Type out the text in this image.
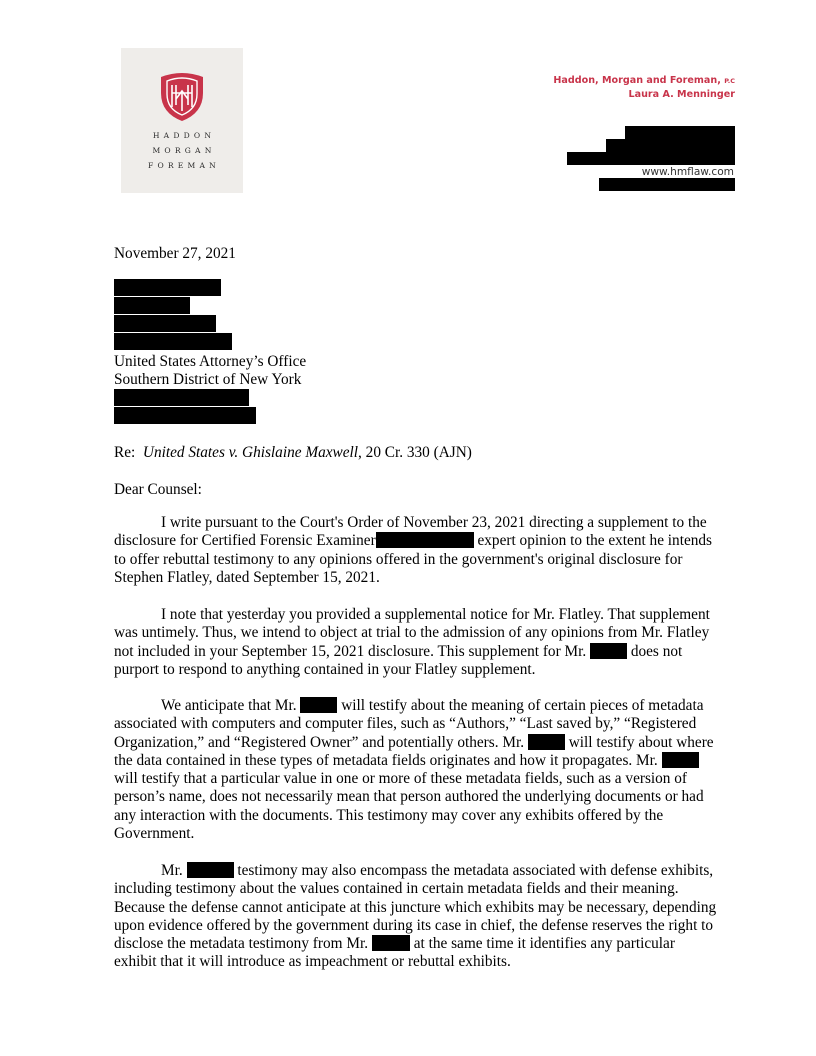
HADDON
MORGAN
FOREMAN
Haddon, Morgan and Foreman, P.C
Laura A. Menninger
www.hmflaw.com
November 27, 2021
United States Attorney’s Office
Southern District of New York
Re: United States v. Ghislaine Maxwell, 20 Cr. 330 (AJN)
Dear Counsel:

I write pursuant to the Court's Order of November 23, 2021 directing a supplement to the disclosure for Certified Forensic Examiner	expert opinion to the extent he intends to offer rebuttal testimony to any opinions offered in the government's original disclosure for Stephen Flatley, dated September 15, 2021.

I note that yesterday you provided a supplemental notice for Mr. Flatley. That supplement was untimely. Thus, we intend to object at trial to the admission of any opinions from Mr. Flatley not included in your September 15, 2021 disclosure. This supplement for Mr.	does not purport to respond to anything contained in your Flatley supplement.

We anticipate that Mr.	will testify about the meaning of certain pieces of metadata associated with computers and computer files, such as “Authors,” “Last saved by,” “Registered Organization,” and “Registered Owner” and potentially others. Mr.	will testify about where the data contained in these types of metadata fields originates and how it propagates. Mr.  will testify that a particular value in one or more of these metadata fields, such as a version of person’s name, does not necessarily mean that person authored the underlying documents or had any interaction with the documents. This testimony may cover any exhibits offered by the Government.

Mr.	testimony may also encompass the metadata associated with defense exhibits, including testimony about the values contained in certain metadata fields and their meaning. Because the defense cannot anticipate at this juncture which exhibits may be necessary, depending upon evidence offered by the government during its case in chief, the defense reserves the right to disclose the metadata testimony from Mr.	at the same time it identifies any particular exhibit that it will introduce as impeachment or rebuttal exhibits.
